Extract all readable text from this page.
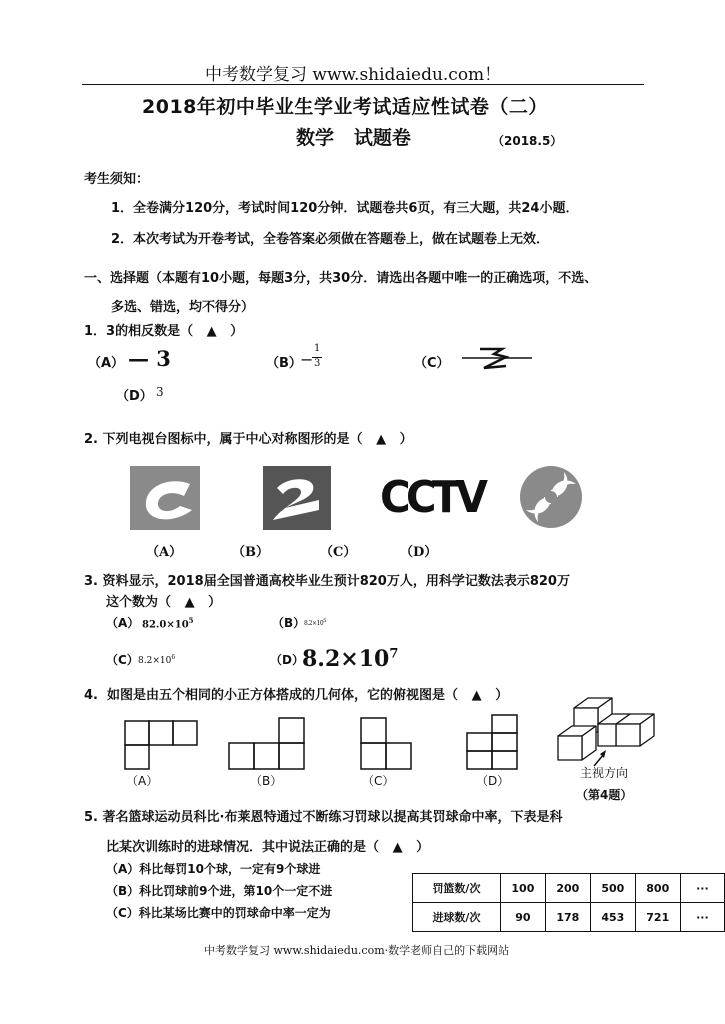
中考数学复习 www.shidaiedu.com！
2018年初中毕业生学业考试适应性试卷（二）
数学   试题卷	（2018.5）
考生须知：
1．全卷满分120分，考试时间120分钟．试题卷共6页，有三大题，共24小题．
2．本次考试为开卷考试，全卷答案必须做在答题卷上，做在试题卷上无效．
一、选择题（本题有10小题，每题3分，共30分．请选出各题中唯一的正确选项，不选、
多选、错选，均不得分）
1．3的相反数是（   ▲   ）
（A） — 3	（B）
−
1
3	（C）
（D） 3
2. 下列电视台图标中，属于中心对称图形的是（   ▲   ）
CCTV
（A）	（B）	（C）	（D）
3. 资料显示，2018届全国普通高校毕业生预计820万人，用科学记数法表示820万
这个数为（   ▲   ）
（A） $82.0\times 10^5$	（B）
$8.2\times 10^5$
（C） $8.2\times 10^6$	（D）
$8.2\times 10^7$
4.  如图是由五个相同的小正方体搭成的几何体，它的俯视图是（   ▲   ）
（A）	（B）	（C）	（D）
主视方向
（第4题）
5. 著名篮球运动员科比·布莱恩特通过不断练习罚球以提高其罚球命中率，下表是科
比某次训练时的进球情况．其中说法正确的是（   ▲   ）
（A）科比每罚10个球，一定有9个球进
（B）科比罚球前9个进，第10个一定不进
（C）科比某场比赛中的罚球命中率一定为
罚篮数/次	100	200	500	800	···
进球数/次	90	178	453	721	···
中考数学复习 www.shidaiedu.com·数学老师自己的下载网站
